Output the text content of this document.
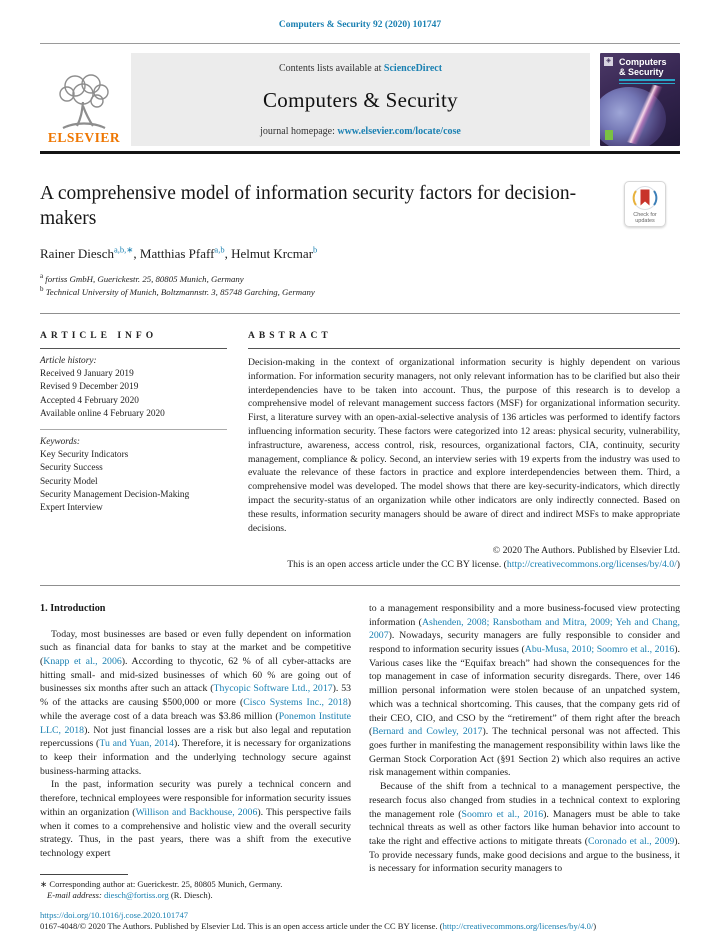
Computers & Security 92 (2020) 101747
ELSEVIER
Contents lists available at ScienceDirect
Computers & Security
journal homepage: www.elsevier.com/locate/cose
◈ Computers
& Security
A comprehensive model of information security factors for decision-makers	Check for
updates
Rainer Diesch$^{a,b,∗}$, Matthias Pfaff$^{a,b}$, Helmut Krcmar$^b$
$^a$ fortiss GmbH, Guerickestr. 25, 80805 Munich, Germany
$^b$ Technical University of Munich, Boltzmannstr. 3, 85748 Garching, Germany
ARTICLE INFO
Article history:
Received 9 January 2019
Revised 9 December 2019
Accepted 4 February 2020
Available online 4 February 2020
Keywords:
Key Security Indicators
Security Success
Security Model
Security Management Decision-Making
Expert Interview
ABSTRACT
Decision-making in the context of organizational information security is highly dependent on various information. For information security managers, not only relevant information has to be clarified but also their interdependencies have to be taken into account. Thus, the purpose of this research is to develop a comprehensive model of relevant management success factors (MSF) for organizational information security. First, a literature survey with an open-axial-selective analysis of 136 articles was performed to identify factors influencing information security. These factors were categorized into 12 areas: physical security, vulnerability, infrastructure, awareness, access control, risk, resources, organizational factors, CIA, continuity, security management, compliance & policy. Second, an interview series with 19 experts from the industry was used to evaluate the relevance of these factors in practice and explore interdependencies between them. Third, a comprehensive model was developed. The model shows that there are key-security-indicators, which directly impact the security-status of an organization while other indicators are only indirectly connected. Based on these results, information security managers should be aware of direct and indirect MSFs to make appropriate decisions.
© 2020 The Authors. Published by Elsevier Ltd.
This is an open access article under the CC BY license. (http://creativecommons.org/licenses/by/4.0/)
1. Introduction

Today, most businesses are based or even fully dependent on information such as financial data for banks to stay at the market and be competitive (Knapp et al., 2006). According to thycotic, 62 % of all cyber-attacks are hitting small- and mid-sized businesses of which 60 % are going out of businesses six months after such an attack (Thycopic Software Ltd., 2017). 53 % of the attacks are causing $500,000 or more (Cisco Systems Inc., 2018) while the average cost of a data breach was $3.86 million (Ponemon Institute LLC, 2018). Not just financial losses are a risk but also legal and reputation repercussions (Tu and Yuan, 2014). Therefore, it is necessary for organizations to keep their information and the underlying technology secure against business-harming attacks.

In the past, information security was purely a technical concern and therefore, technical employees were responsible for information security issues within an organization (Willison and Backhouse, 2006). This perspective fails when it comes to a comprehensive and holistic view and the overall security strategy. Thus, in the past years, there was a shift from the executive technology expert

∗ Corresponding author at: Guerickestr. 25, 80805 Munich, Germany.
E-mail address: diesch@fortiss.org (R. Diesch).

to a management responsibility and a more business-focused view protecting information (Ashenden, 2008; Ransbotham and Mitra, 2009; Yeh and Chang, 2007). Nowadays, security managers are fully responsible to consider and respond to information security issues (Abu-Musa, 2010; Soomro et al., 2016). Various cases like the “Equifax breach” had shown the consequences for the top management in case of information security disregards. There, over 146 million personal information were stolen because of an unpatched system, which was a technical shortcoming. This causes, that the company gets rid of their CEO, CIO, and CSO by the “retirement” of them right after the breach (Bernard and Cowley, 2017). The technical personal was not affected. This goes further in manifesting the management responsibility within laws like the German Stock Corporation Act (§91 Section 2) which also requires an active risk management within companies.

Because of the shift from a technical to a management perspective, the research focus also changed from studies in a technical context to exploring the management role (Soomro et al., 2016). Managers must be able to take technical threats as well as other factors like human behavior into account to take the right and effective actions to mitigate threats (Coronado et al., 2009). To provide necessary funds, make good decisions and argue to the business, it is necessary for information security managers to

https://doi.org/10.1016/j.cose.2020.101747
0167-4048/© 2020 The Authors. Published by Elsevier Ltd. This is an open access article under the CC BY license. (http://creativecommons.org/licenses/by/4.0/)
